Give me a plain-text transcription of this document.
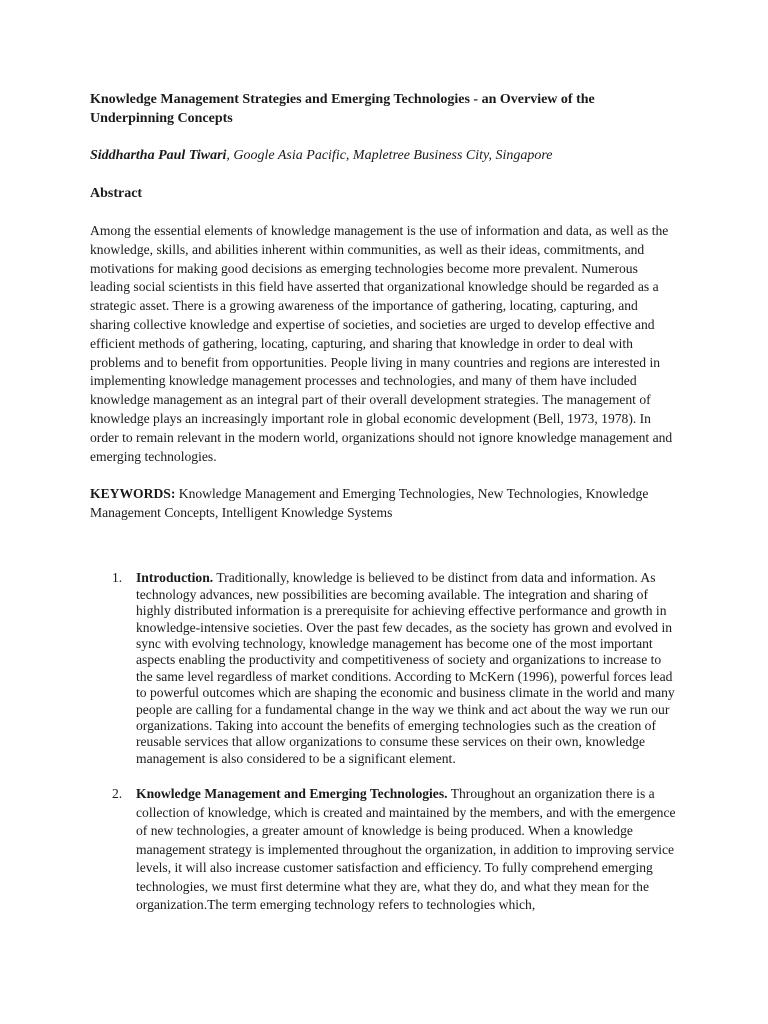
Knowledge Management Strategies and Emerging Technologies - an Overview of the Underpinning Concepts

Siddhartha Paul Tiwari, Google Asia Pacific, Mapletree Business City, Singapore

Abstract

Among the essential elements of knowledge management is the use of information and data, as well as the knowledge, skills, and abilities inherent within communities, as well as their ideas, commitments, and motivations for making good decisions as emerging technologies become more prevalent. Numerous leading social scientists in this field have asserted that organizational knowledge should be regarded as a strategic asset. There is a growing awareness of the importance of gathering, locating, capturing, and sharing collective knowledge and expertise of societies, and societies are urged to develop effective and efficient methods of gathering, locating, capturing, and sharing that knowledge in order to deal with problems and to benefit from opportunities. People living in many countries and regions are interested in implementing knowledge management processes and technologies, and many of them have included knowledge management as an integral part of their overall development strategies. The management of knowledge plays an increasingly important role in global economic development (Bell, 1973, 1978). In order to remain relevant in the modern world, organizations should not ignore knowledge management and emerging technologies.

KEYWORDS: Knowledge Management and Emerging Technologies, New Technologies, Knowledge Management Concepts, Intelligent Knowledge Systems

1. Introduction. Traditionally, knowledge is believed to be distinct from data and information. As technology advances, new possibilities are becoming available. The integration and sharing of highly distributed information is a prerequisite for achieving effective performance and growth in knowledge-intensive societies. Over the past few decades, as the society has grown and evolved in sync with evolving technology, knowledge management has become one of the most important aspects enabling the productivity and competitiveness of society and organizations to increase to the same level regardless of market conditions. According to McKern (1996), powerful forces lead to powerful outcomes which are shaping the economic and business climate in the world and many people are calling for a fundamental change in the way we think and act about the way we run our organizations. Taking into account the benefits of emerging technologies such as the creation of reusable services that allow organizations to consume these services on their own, knowledge management is also considered to be a significant element.
2. Knowledge Management and Emerging Technologies. Throughout an organization there is a collection of knowledge, which is created and maintained by the members, and with the emergence of new technologies, a greater amount of knowledge is being produced. When a knowledge management strategy is implemented throughout the organization, in addition to improving service levels, it will also increase customer satisfaction and efficiency. To fully comprehend emerging technologies, we must first determine what they are, what they do, and what they mean for the organization.The term emerging technology refers to technologies which,
